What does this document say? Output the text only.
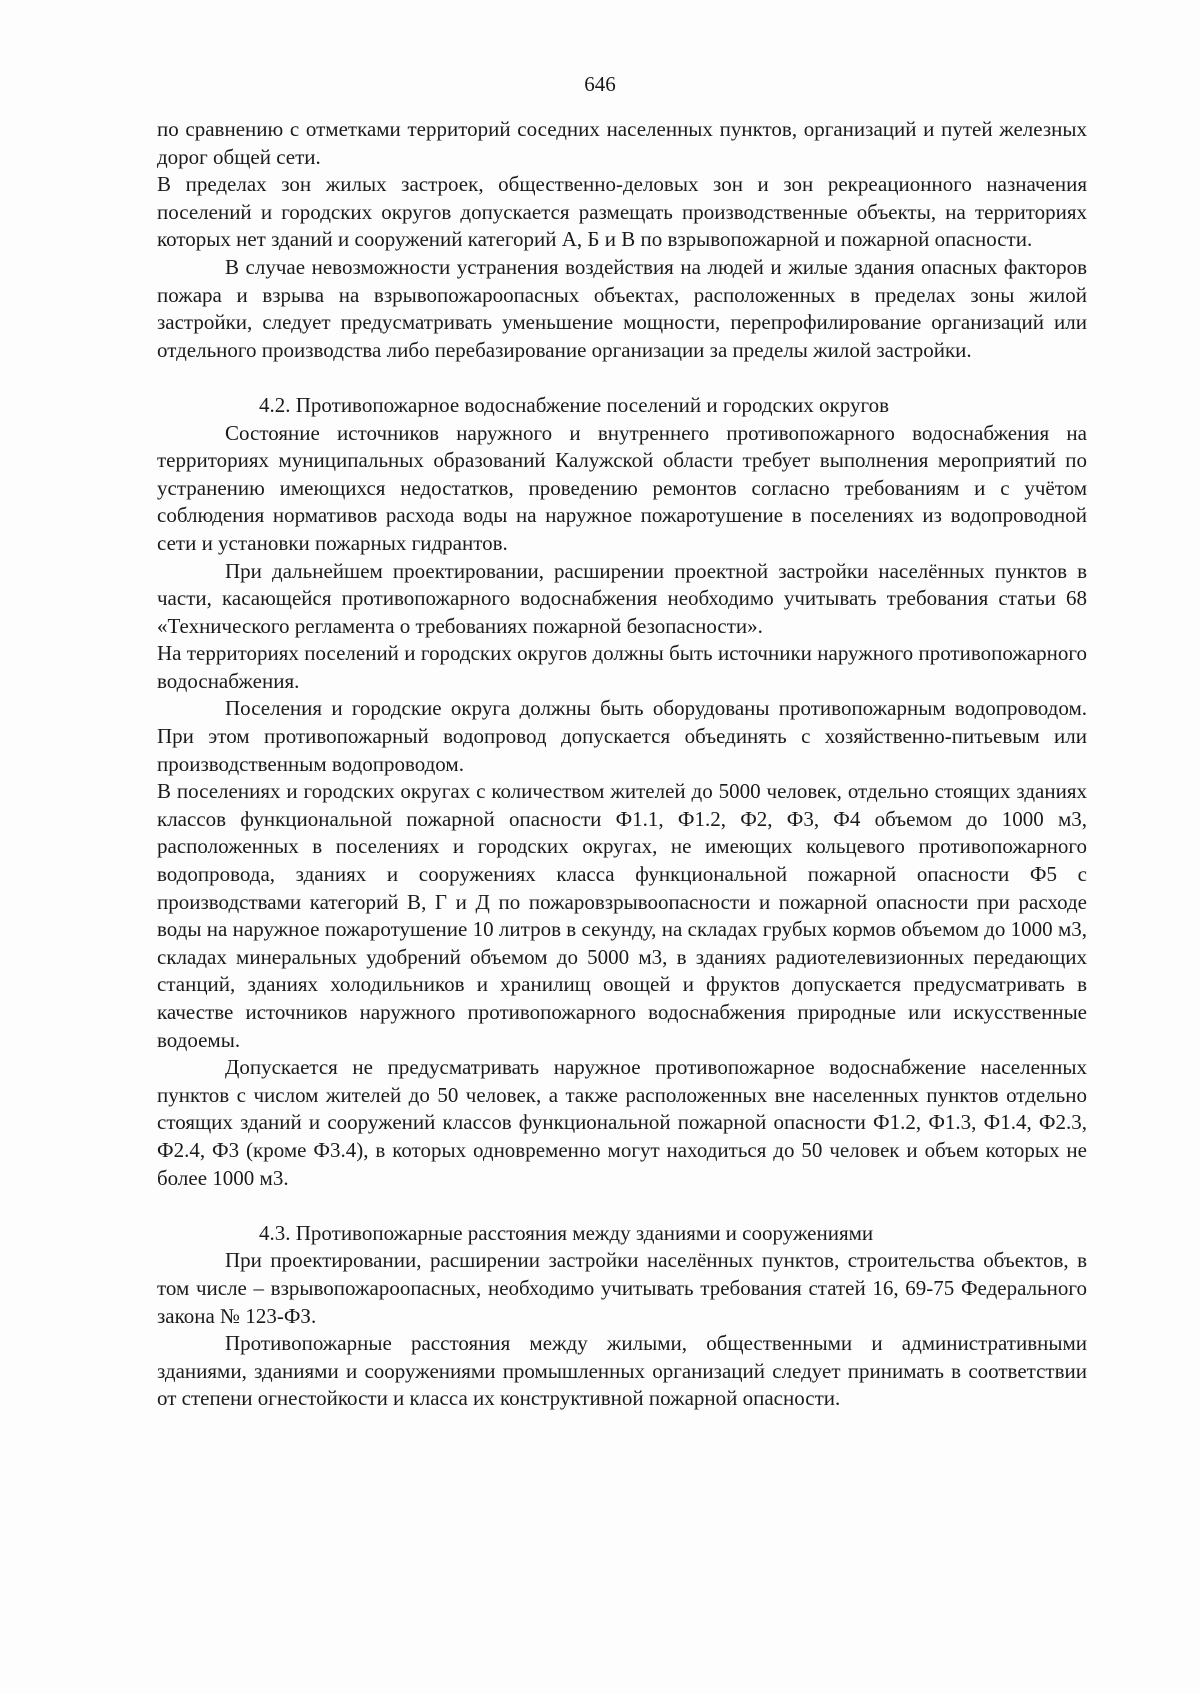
646

по сравнению с отметками территорий соседних населенных пунктов, организаций и путей железных дорог общей сети.

В пределах зон жилых застроек, общественно-деловых зон и зон рекреационного назначения поселений и городских округов допускается размещать производственные объекты, на территориях которых нет зданий и сооружений категорий А, Б и В по взрывопожарной и пожарной опасности.

В случае невозможности устранения воздействия на людей и жилые здания опасных факторов пожара и взрыва на взрывопожароопасных объектах, расположенных в пределах зоны жилой застройки, следует предусматривать уменьшение мощности, перепрофилирование организаций или отдельного производства либо перебазирование организации за пределы жилой застройки.

4.2. Противопожарное водоснабжение поселений и городских округов

Состояние источников наружного и внутреннего противопожарного водоснабжения на территориях муниципальных образований Калужской области требует выполнения мероприятий по устранению имеющихся недостатков, проведению ремонтов согласно требованиям и с учётом соблюдения нормативов расхода воды на наружное пожаротушение в поселениях из водопроводной сети и установки пожарных гидрантов.

При дальнейшем проектировании, расширении проектной застройки населённых пунктов в части, касающейся противопожарного водоснабжения необходимо учитывать требования статьи 68 «Технического регламента о требованиях пожарной безопасности».

На территориях поселений и городских округов должны быть источники наружного противопожарного водоснабжения.

Поселения и городские округа должны быть оборудованы противопожарным водопроводом. При этом противопожарный водопровод допускается объединять с хозяйственно-питьевым или производственным водопроводом.

В поселениях и городских округах с количеством жителей до 5000 человек, отдельно стоящих зданиях классов функциональной пожарной опасности Ф1.1, Ф1.2, Ф2, Ф3, Ф4 объемом до 1000 м3, расположенных в поселениях и городских округах, не имеющих кольцевого противопожарного водопровода, зданиях и сооружениях класса функциональной пожарной опасности Ф5 с производствами категорий В, Г и Д по пожаровзрывоопасности и пожарной опасности при расходе воды на наружное пожаротушение 10 литров в секунду, на складах грубых кормов объемом до 1000 м3, складах минеральных удобрений объемом до 5000 м3, в зданиях радиотелевизионных передающих станций, зданиях холодильников и хранилищ овощей и фруктов допускается предусматривать в качестве источников наружного противопожарного водоснабжения природные или искусственные водоемы.

Допускается не предусматривать наружное противопожарное водоснабжение населенных пунктов с числом жителей до 50 человек, а также расположенных вне населенных пунктов отдельно стоящих зданий и сооружений классов функциональной пожарной опасности Ф1.2, Ф1.3, Ф1.4, Ф2.3, Ф2.4, Ф3 (кроме Ф3.4), в которых одновременно могут находиться до 50 человек и объем которых не более 1000 м3.

4.3. Противопожарные расстояния между зданиями и сооружениями

При проектировании, расширении застройки населённых пунктов, строительства объектов, в том числе – взрывопожароопасных, необходимо учитывать требования статей 16, 69-75 Федерального закона № 123-ФЗ.

Противопожарные расстояния между жилыми, общественными и административными зданиями, зданиями и сооружениями промышленных организаций следует принимать в соответствии от степени огнестойкости и класса их конструктивной пожарной опасности.
